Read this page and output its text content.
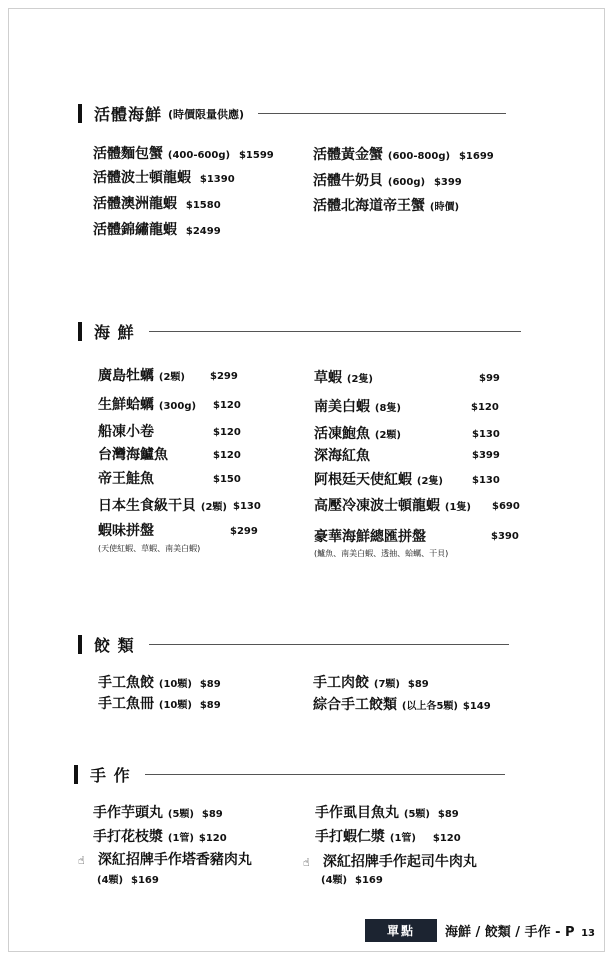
活體海鮮 (時價限量供應)
活體麵包蟹 (400-600g) $1599
活體波士頓龍蝦 $1390
活體澳洲龍蝦 $1580
活體錦繡龍蝦 $2499
活體黃金蟹 (600-800g) $1699
活體牛奶貝 (600g) $399
活體北海道帝王蟹 (時價)
海 鮮
廣島牡蠣 (2顆)	$299
生鮮蛤蠣 (300g) $120
船凍小卷	$120
台灣海鱸魚	$120
帝王鮭魚	$150
日本生食級干貝 (2顆) $130
蝦味拼盤	$299
(天使紅蝦、草蝦、南美白蝦)
草蝦 (2隻)	$99
南美白蝦 (8隻)	$120
活凍鮑魚 (2顆)	$130
深海紅魚	$399
阿根廷天使紅蝦 (2隻)	$130
高壓冷凍波士頓龍蝦 (1隻) $690
豪華海鮮總匯拼盤	$390
(鱸魚、南美白蝦、透抽、蛤蠣、干貝)
餃 類
手工魚餃 (10顆) $89
手工魚冊 (10顆) $89
手工肉餃 (7顆) $89
綜合手工餃類 (以上各5顆) $149
手 作
手作芋頭丸 (5顆) $89
手打花枝漿 (1管) $120
☝ 深紅招牌手作塔香豬肉丸
(4顆) $169
手作虱目魚丸 (5顆) $89
手打蝦仁漿 (1管) $120
☝ 深紅招牌手作起司牛肉丸
(4顆) $169
單點	海鮮 / 餃類 / 手作 - P 13
